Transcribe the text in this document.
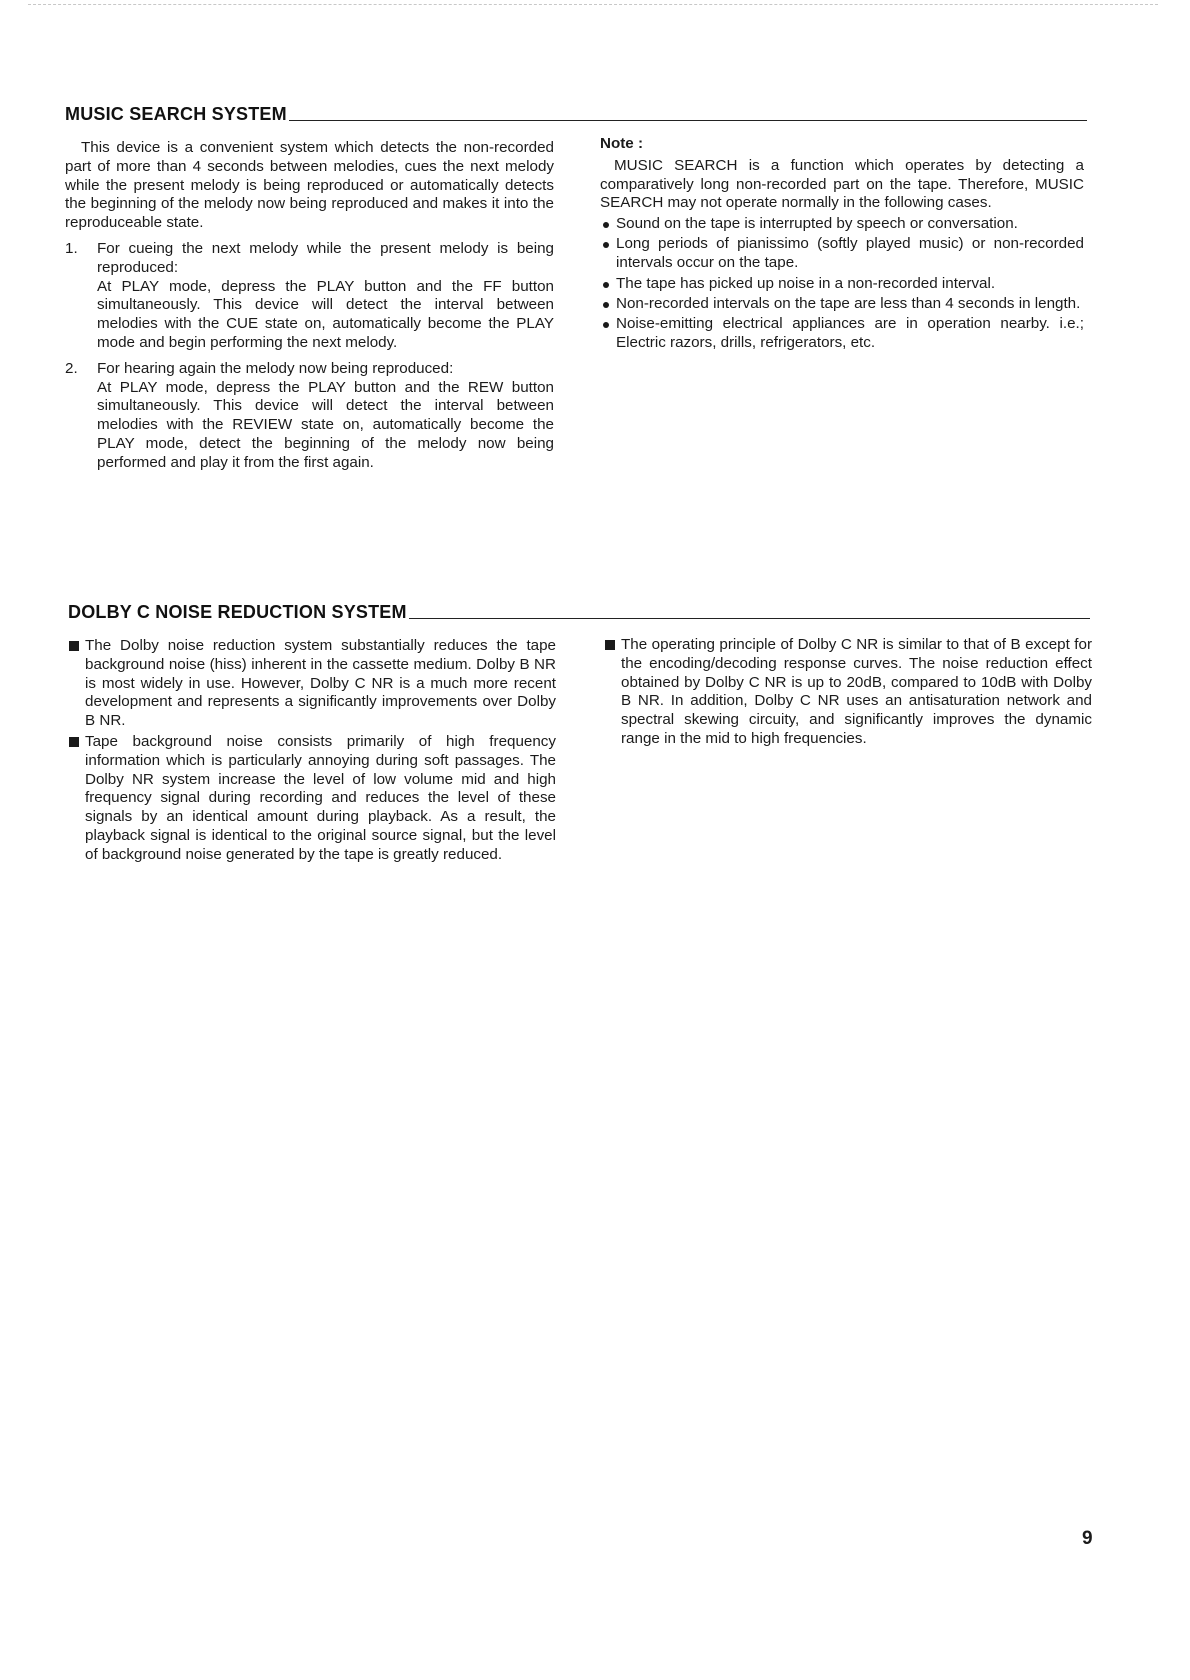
MUSIC SEARCH SYSTEM

This device is a convenient system which detects the non-recorded part of more than 4 seconds between melodies, cues the next melody while the present melody is being reproduced or automatically detects the beginning of the melody now being reproduced and makes it into the reproduceable state.

1.	For cueing the next melody while the present melody is being reproduced:

At PLAY mode, depress the PLAY button and the FF button simultaneously. This device will detect the interval between melodies with the CUE state on, automatically become the PLAY mode and begin performing the next melody.

2.	For hearing again the melody now being reproduced:

At PLAY mode, depress the PLAY button and the REW button simultaneously. This device will detect the interval between melodies with the REVIEW state on, automatically become the PLAY mode, detect the beginning of the melody now being performed and play it from the first again.

Note :

MUSIC SEARCH is a function which operates by detecting a comparatively long non-recorded part on the tape. Therefore, MUSIC SEARCH may not operate normally in the following cases.

Sound on the tape is interrupted by speech or conversation.
Long periods of pianissimo (softly played music) or non-recorded intervals occur on the tape.
The tape has picked up noise in a non-recorded interval.
Non-recorded intervals on the tape are less than 4 seconds in length.
Noise-emitting electrical appliances are in operation nearby. i.e.; Electric razors, drills, refrigerators, etc.
DOLBY C NOISE REDUCTION SYSTEM

The Dolby noise reduction system substantially reduces the tape background noise (hiss) inherent in the cassette medium. Dolby B NR is most widely in use. However, Dolby C NR is a much more recent development and represents a significantly improvements over Dolby B NR.

Tape background noise consists primarily of high frequency information which is particularly annoying during soft passages. The Dolby NR system increase the level of low volume mid and high frequency signal during recording and reduces the level of these signals by an identical amount during playback. As a result, the playback signal is identical to the original source signal, but the level of background noise generated by the tape is greatly reduced.

The operating principle of Dolby C NR is similar to that of B except for the encoding/decoding response curves. The noise reduction effect obtained by Dolby C NR is up to 20dB, compared to 10dB with Dolby B NR. In addition, Dolby C NR uses an antisaturation network and spectral skewing circuity, and significantly improves the dynamic range in the mid to high frequencies.

9
